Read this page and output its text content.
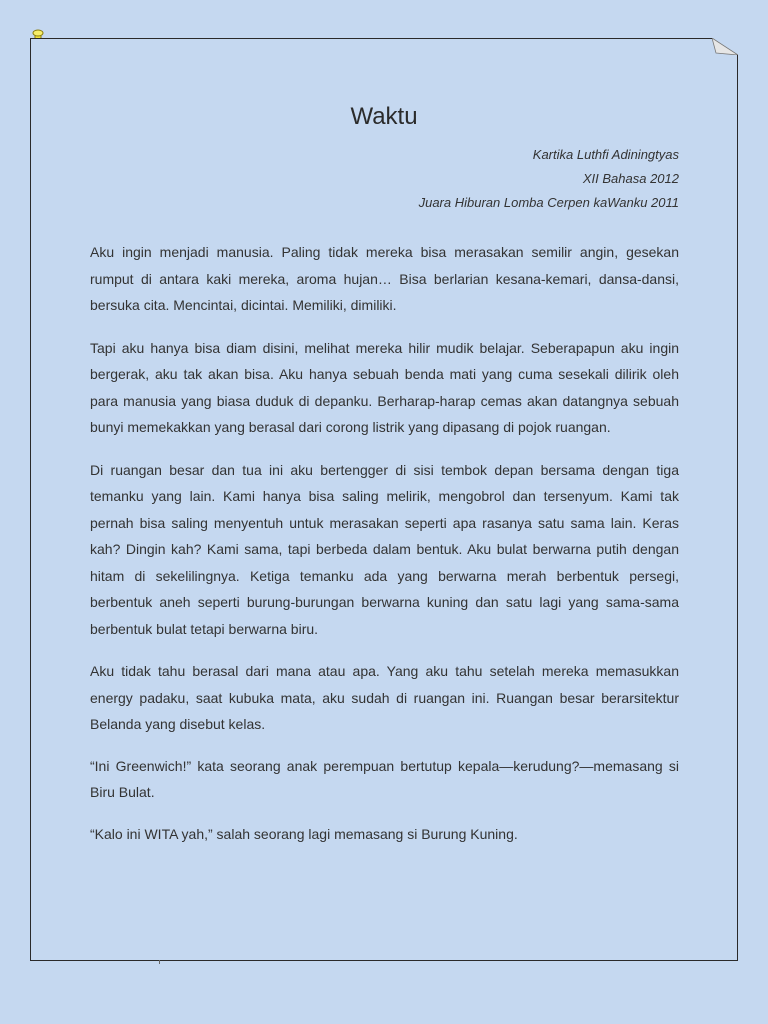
Waktu
Kartika Luthfi Adiningtyas
XII Bahasa 2012
Juara Hiburan Lomba Cerpen kaWanku 2011

Aku ingin menjadi manusia. Paling tidak mereka bisa merasakan semilir angin, gesekan rumput di antara kaki mereka, aroma hujan… Bisa berlarian kesana-kemari, dansa-dansi, bersuka cita. Mencintai, dicintai. Memiliki, dimiliki.

Tapi aku hanya bisa diam disini, melihat mereka hilir mudik belajar. Seberapapun aku ingin bergerak, aku tak akan bisa. Aku hanya sebuah benda mati yang cuma sesekali dilirik oleh para manusia yang biasa duduk di depanku. Berharap-harap cemas akan datangnya sebuah bunyi memekakkan yang berasal dari corong listrik yang dipasang di pojok ruangan.

Di ruangan besar dan tua ini aku bertengger di sisi tembok depan bersama dengan tiga temanku yang lain. Kami hanya bisa saling melirik, mengobrol dan tersenyum. Kami tak pernah bisa saling menyentuh untuk merasakan seperti apa rasanya satu sama lain. Keras kah? Dingin kah? Kami sama, tapi berbeda dalam bentuk. Aku bulat berwarna putih dengan hitam di sekelilingnya. Ketiga temanku ada yang berwarna merah berbentuk persegi, berbentuk aneh seperti burung-burungan berwarna kuning dan satu lagi yang sama-sama berbentuk bulat tetapi berwarna biru.

Aku tidak tahu berasal dari mana atau apa. Yang aku tahu setelah mereka memasukkan energy padaku, saat kubuka mata, aku sudah di ruangan ini. Ruangan besar berarsitektur Belanda yang disebut kelas.

“Ini Greenwich!” kata seorang anak perempuan bertutup kepala—kerudung?—memasang si Biru Bulat.

“Kalo ini WITA yah,” salah seorang lagi memasang si Burung Kuning.
